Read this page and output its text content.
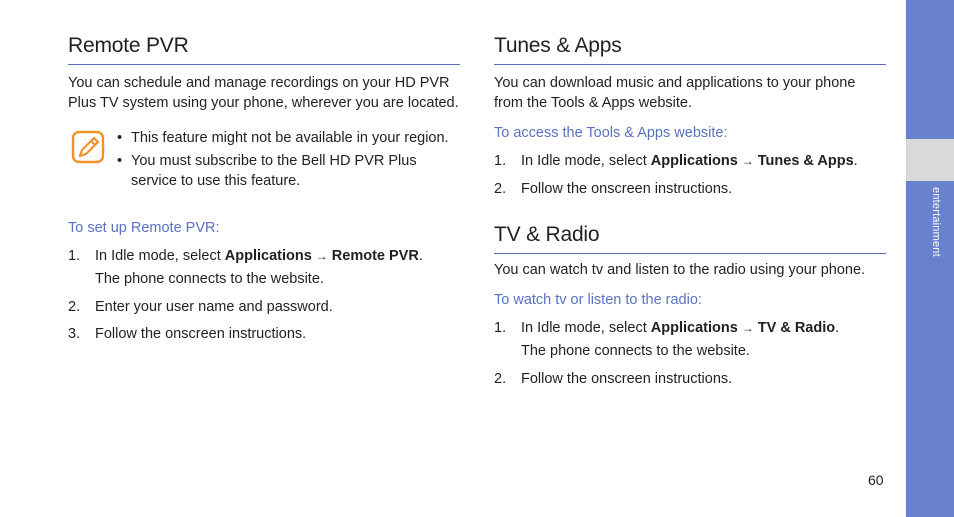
Remote PVR

You can schedule and manage recordings on your HD PVR Plus TV system using your phone, wherever you are located.

• This feature might not be available in your region.
• You must subscribe to the Bell HD PVR Plus service to use this feature.

To set up Remote PVR:

1. In Idle mode, select Applications → Remote PVR.
The phone connects to the website.
2. Enter your user name and password.
3. Follow the onscreen instructions.
Tunes & Apps

You can download music and applications to your phone from the Tools & Apps website.

To access the Tools & Apps website:

1. In Idle mode, select Applications → Tunes & Apps.
2. Follow the onscreen instructions.
TV & Radio

You can watch tv and listen to the radio using your phone.

To watch tv or listen to the radio:

1. In Idle mode, select Applications → TV & Radio.
The phone connects to the website.
2. Follow the onscreen instructions.
entertainment
60
